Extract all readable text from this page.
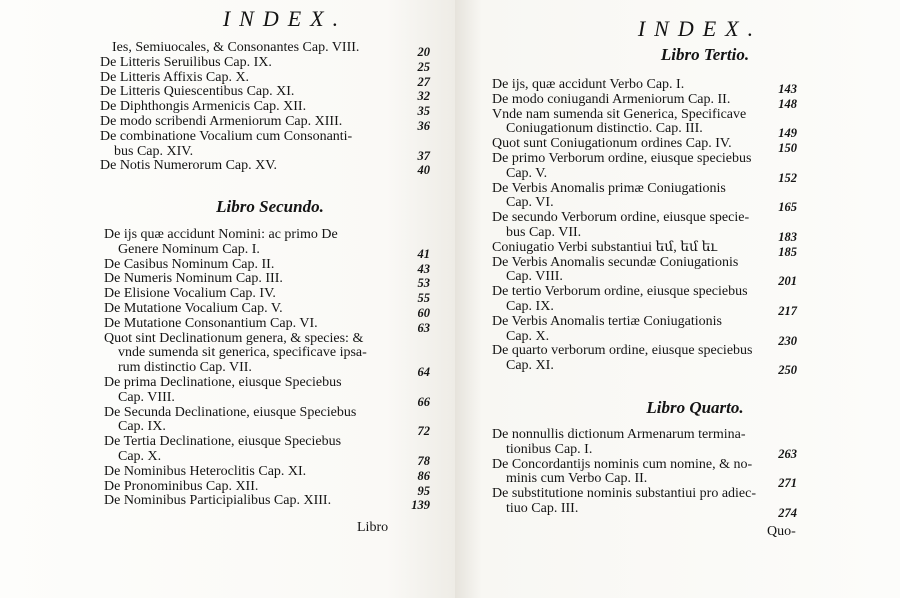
INDEX.
Ies, Semiuocales, & Consonantes Cap. VIII.	20
De Litteris Seruilibus Cap. IX.	25
De Litteris Affixis Cap. X.	27
De Litteris Quiescentibus Cap. XI.	32
De Diphthongis Armenicis Cap. XII.	35
De modo scribendi Armeniorum Cap. XIII.	36
De combinatione Vocalium cum Consonanti-
bus Cap. XIV.	37
De Notis Numerorum Cap. XV.	40
Libro Secundo.
De ijs quæ accidunt Nomini: ac primo De
Genere Nominum Cap. I.	41
De Casibus Nominum Cap. II.	43
De Numeris Nominum Cap. III.	53
De Elisione Vocalium Cap. IV.	55
De Mutatione Vocalium Cap. V.	60
De Mutatione Consonantium Cap. VI.	63
Quot sint Declinationum genera, & species: &
vnde sumenda sit generica, specificave ipsa-
rum distinctio Cap. VII.	64
De prima Declinatione, eiusque Speciebus
Cap. VIII.	66
De Secunda Declinatione, eiusque Speciebus
Cap. IX.	72
De Tertia Declinatione, eiusque Speciebus
Cap. X.	78
De Nominibus Heteroclitis Cap. XI.	86
De Pronominibus Cap. XII.	95
De Nominibus Participialibus Cap. XIII.	139
Libro
INDEX.
Libro Tertio.
De ijs, quæ accidunt Verbo Cap. I.	143
De modo coniugandi Armeniorum Cap. II.	148
Vnde nam sumenda sit Generica, Specificave
Coniugationum distinctio. Cap. III.	149
Quot sunt Coniugationum ordines Cap. IV.	150
De primo Verborum ordine, eiusque speciebus
Cap. V.	152
De Verbis Anomalis primæ Coniugationis
Cap. VI.	165
De secundo Verborum ordine, eiusque specie-
bus Cap. VII.	183
Coniugatio Verbi substantiui եմ, եմ եւ	185
De Verbis Anomalis secundæ Coniugationis
Cap. VIII.	201
De tertio Verborum ordine, eiusque speciebus
Cap. IX.	217
De Verbis Anomalis tertiæ Coniugationis
Cap. X.	230
De quarto verborum ordine, eiusque speciebus
Cap. XI.	250
Libro Quarto.
De nonnullis dictionum Armenarum termina-
tionibus Cap. I.	263
De Concordantijs nominis cum nomine, & no-
minis cum Verbo Cap. II.	271
De substitutione nominis substantiui pro adiec-
tiuo Cap. III.	274
Quo-
